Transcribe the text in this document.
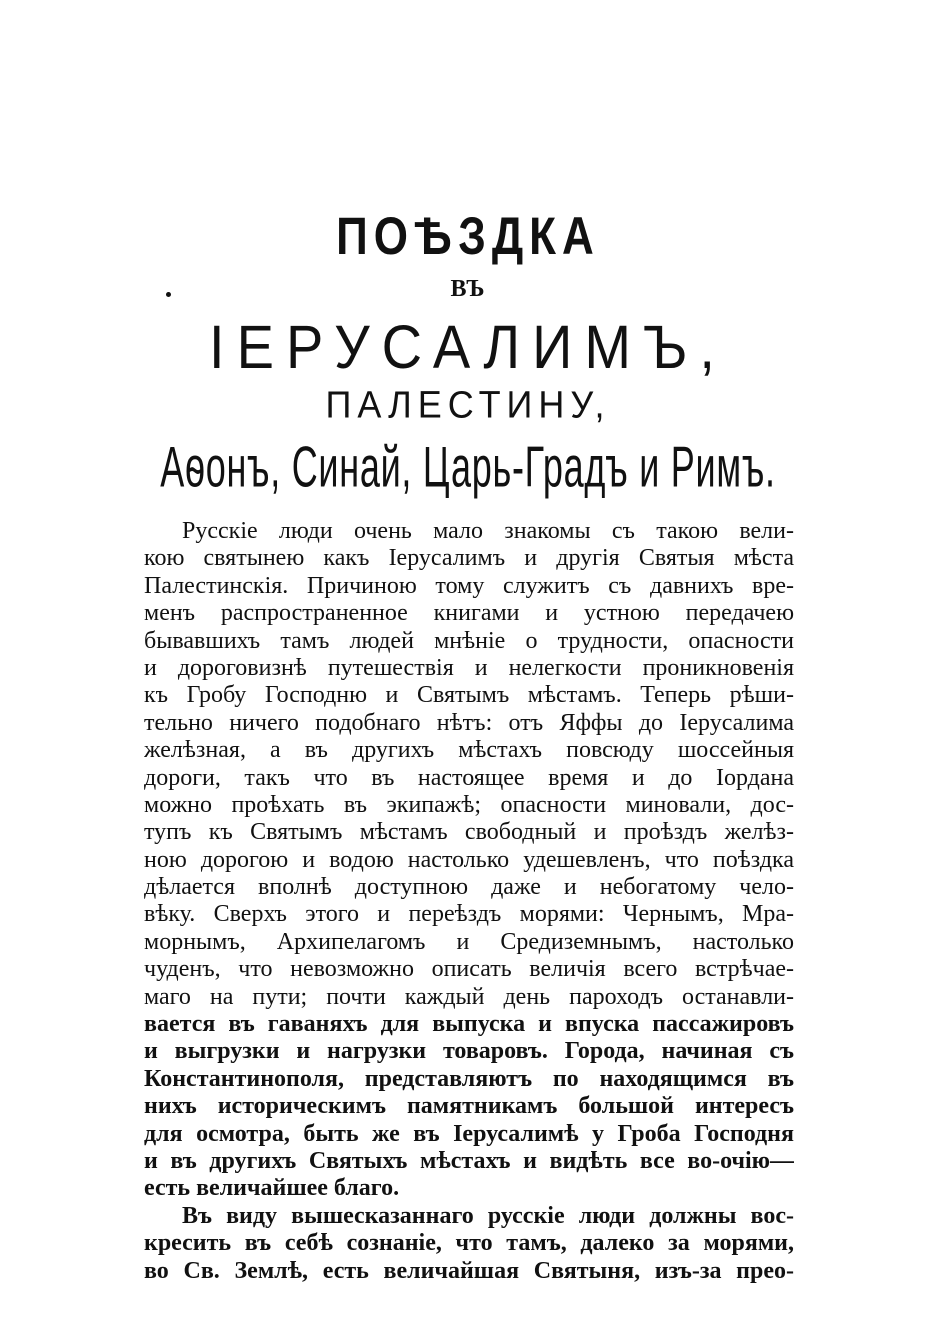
ПОѢЗДКА
ВЪ
ІЕРУСАЛИМЪ,
ПАЛЕСТИНУ,
Аѳонъ, Синай, Царь-Градъ и Римъ.
Русскіе люди очень мало знакомы съ такою вели-
кою святынею какъ Іерусалимъ и другія Святыя мѣста
Палестинскія. Причиною тому служитъ съ давнихъ вре-
менъ распространенное книгами и устною передачею
бывавшихъ тамъ людей мнѣніе о трудности, опасности
и дороговизнѣ путешествія и нелегкости проникновенія
къ Гробу Господню и Святымъ мѣстамъ. Теперь рѣши-
тельно ничего подобнаго нѣтъ: отъ Яффы до Іерусалима
желѣзная, а въ другихъ мѣстахъ повсюду шоссейныя
дороги, такъ что въ настоящее время и до Іордана
можно проѣхать въ экипажѣ; опасности миновали, дос-
тупъ къ Святымъ мѣстамъ свободный и проѣздъ желѣз-
ною дорогою и водою настолько удешевленъ, что поѣздка
дѣлается вполнѣ доступною даже и небогатому чело-
вѣку. Сверхъ этого и переѣздъ морями: Чернымъ, Мра-
морнымъ, Архипелагомъ и Средиземнымъ, настолько
чуденъ, что невозможно описать величія всего встрѣчае-
маго на пути; почти каждый день пароходъ останавли-
вается въ гаваняхъ для выпуска и впуска пассажировъ
и выгрузки и нагрузки товаровъ. Города, начиная съ
Константинополя, представляютъ по находящимся въ
нихъ историческимъ памятникамъ большой интересъ
для осмотра, быть же въ Іерусалимѣ у Гроба Господня
и въ другихъ Святыхъ мѣстахъ и видѣть все во-очію—
есть величайшее благо.
Въ виду вышесказаннаго русскіе люди должны вос-
кресить въ себѣ сознаніе, что тамъ, далеко за морями,
во Св. Землѣ, есть величайшая Святыня, изъ-за прео-
